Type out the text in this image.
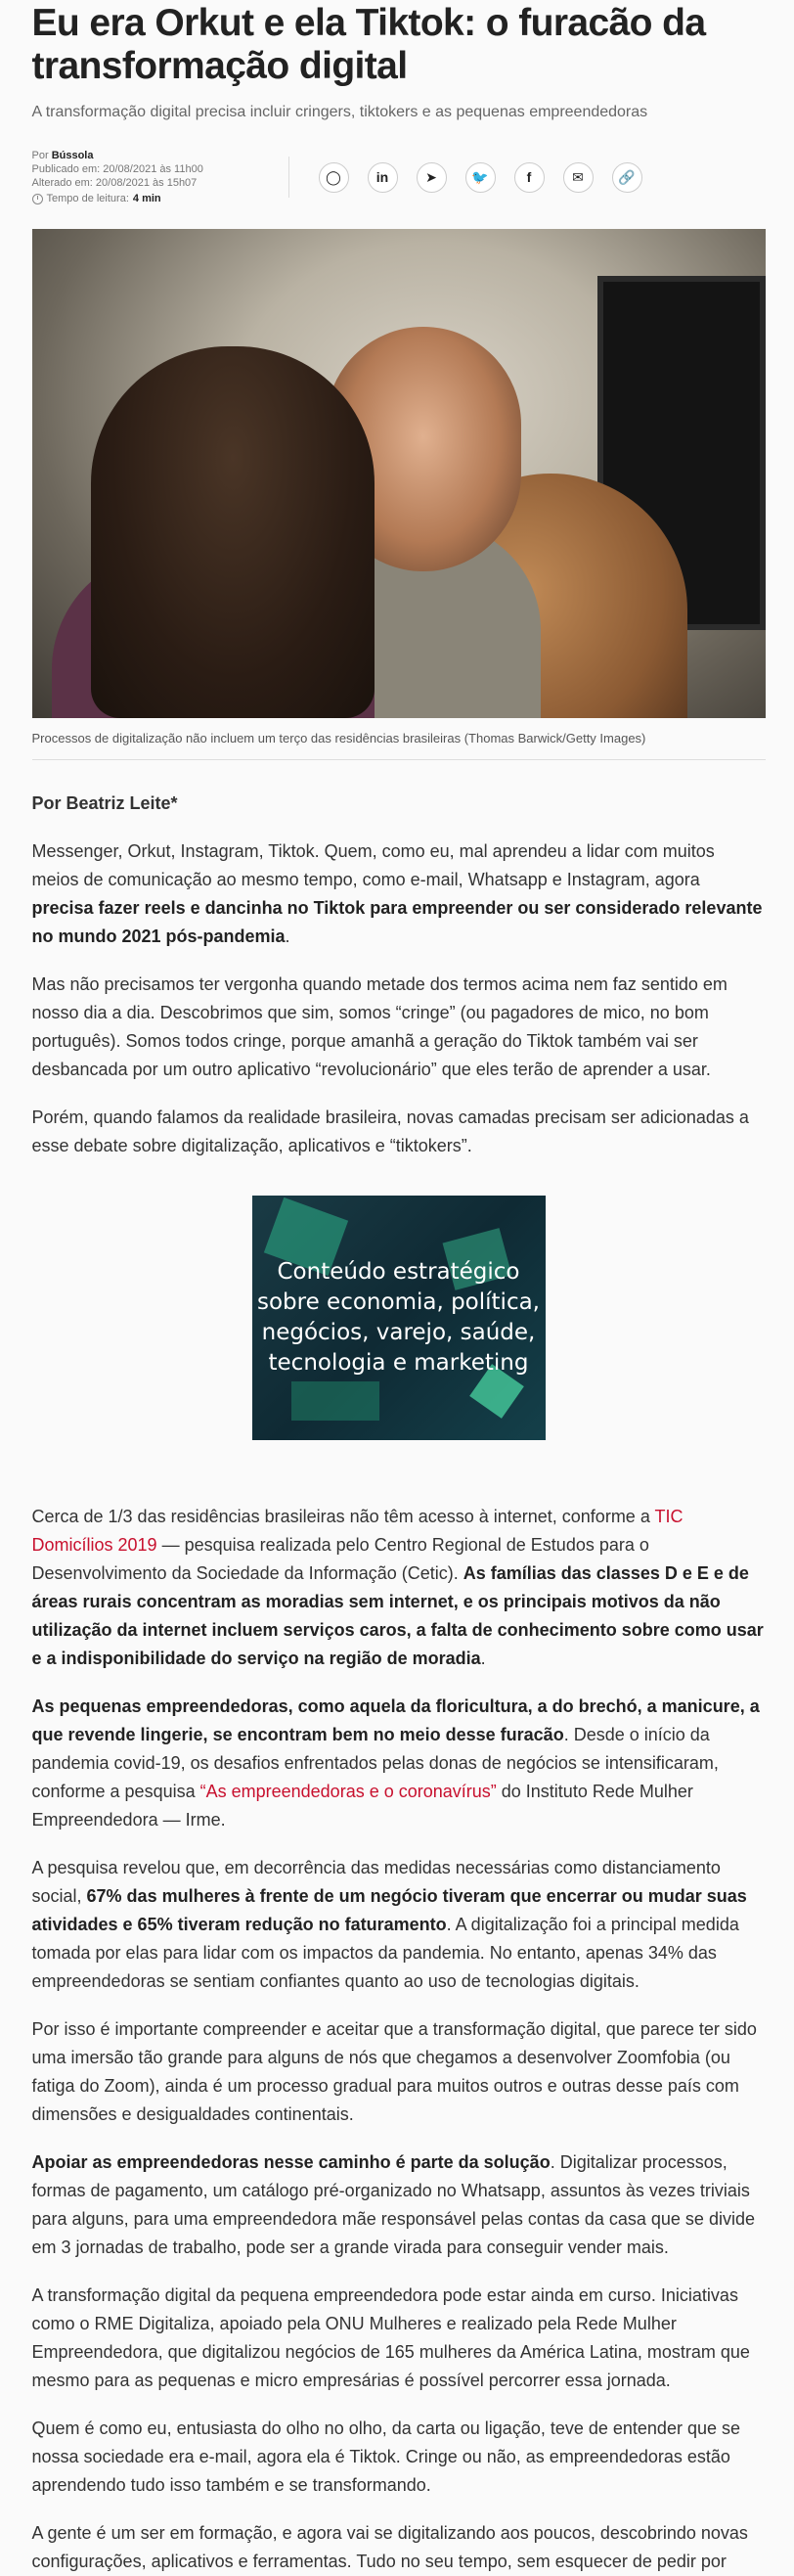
Eu era Orkut e ela Tiktok: o furacão da transformação digital
A transformação digital precisa incluir cringers, tiktokers e as pequenas empreendedoras
Por Bússola
Publicado em: 20/08/2021 às 11h00
Alterado em: 20/08/2021 às 15h07
Tempo de leitura: 4 min
◯	in	➤	🐦	f	✉	🔗
Processos de digitalização não incluem um terço das residências brasileiras (Thomas Barwick/Getty Images)
Por Beatriz Leite*

Messenger, Orkut, Instagram, Tiktok. Quem, como eu, mal aprendeu a lidar com muitos meios de comunicação ao mesmo tempo, como e-mail, Whatsapp e Instagram, agora precisa fazer reels e dancinha no Tiktok para empreender ou ser considerado relevante no mundo 2021 pós-pandemia.

Mas não precisamos ter vergonha quando metade dos termos acima nem faz sentido em nosso dia a dia. Descobrimos que sim, somos “cringe” (ou pagadores de mico, no bom português). Somos todos cringe, porque amanhã a geração do Tiktok também vai ser desbancada por um outro aplicativo “revolucionário” que eles terão de aprender a usar.

Porém, quando falamos da realidade brasileira, novas camadas precisam ser adicionadas a esse debate sobre digitalização, aplicativos e “tiktokers”.

Conteúdo estratégico sobre economia, política, negócios, varejo, saúde, tecnologia e marketing

Cerca de 1/3 das residências brasileiras não têm acesso à internet, conforme a TIC Domicílios 2019 — pesquisa realizada pelo Centro Regional de Estudos para o Desenvolvimento da Sociedade da Informação (Cetic). As famílias das classes D e E e de áreas rurais concentram as moradias sem internet, e os principais motivos da não utilização da internet incluem serviços caros, a falta de conhecimento sobre como usar e a indisponibilidade do serviço na região de moradia.

As pequenas empreendedoras, como aquela da floricultura, a do brechó, a manicure, a que revende lingerie, se encontram bem no meio desse furacão. Desde o início da pandemia covid-19, os desafios enfrentados pelas donas de negócios se intensificaram, conforme a pesquisa “As empreendedoras e o coronavírus” do Instituto Rede Mulher Empreendedora — Irme.

A pesquisa revelou que, em decorrência das medidas necessárias como distanciamento social, 67% das mulheres à frente de um negócio tiveram que encerrar ou mudar suas atividades e 65% tiveram redução no faturamento. A digitalização foi a principal medida tomada por elas para lidar com os impactos da pandemia. No entanto, apenas 34% das empreendedoras se sentiam confiantes quanto ao uso de tecnologias digitais.

Por isso é importante compreender e aceitar que a transformação digital, que parece ter sido uma imersão tão grande para alguns de nós que chegamos a desenvolver Zoomfobia (ou fatiga do Zoom), ainda é um processo gradual para muitos outros e outras desse país com dimensões e desigualdades continentais.

Apoiar as empreendedoras nesse caminho é parte da solução. Digitalizar processos, formas de pagamento, um catálogo pré-organizado no Whatsapp, assuntos às vezes triviais para alguns, para uma empreendedora mãe responsável pelas contas da casa que se divide em 3 jornadas de trabalho, pode ser a grande virada para conseguir vender mais.

A transformação digital da pequena empreendedora pode estar ainda em curso. Iniciativas como o RME Digitaliza, apoiado pela ONU Mulheres e realizado pela Rede Mulher Empreendedora, que digitalizou negócios de 165 mulheres da América Latina, mostram que mesmo para as pequenas e micro empresárias é possível percorrer essa jornada.

Quem é como eu, entusiasta do olho no olho, da carta ou ligação, teve de entender que se nossa sociedade era e-mail, agora ela é Tiktok. Cringe ou não, as empreendedoras estão aprendendo tudo isso também e se transformando.

A gente é um ser em formação, e agora vai se digitalizando aos poucos, descobrindo novas configurações, aplicativos e ferramentas. Tudo no seu tempo, sem esquecer de pedir por
